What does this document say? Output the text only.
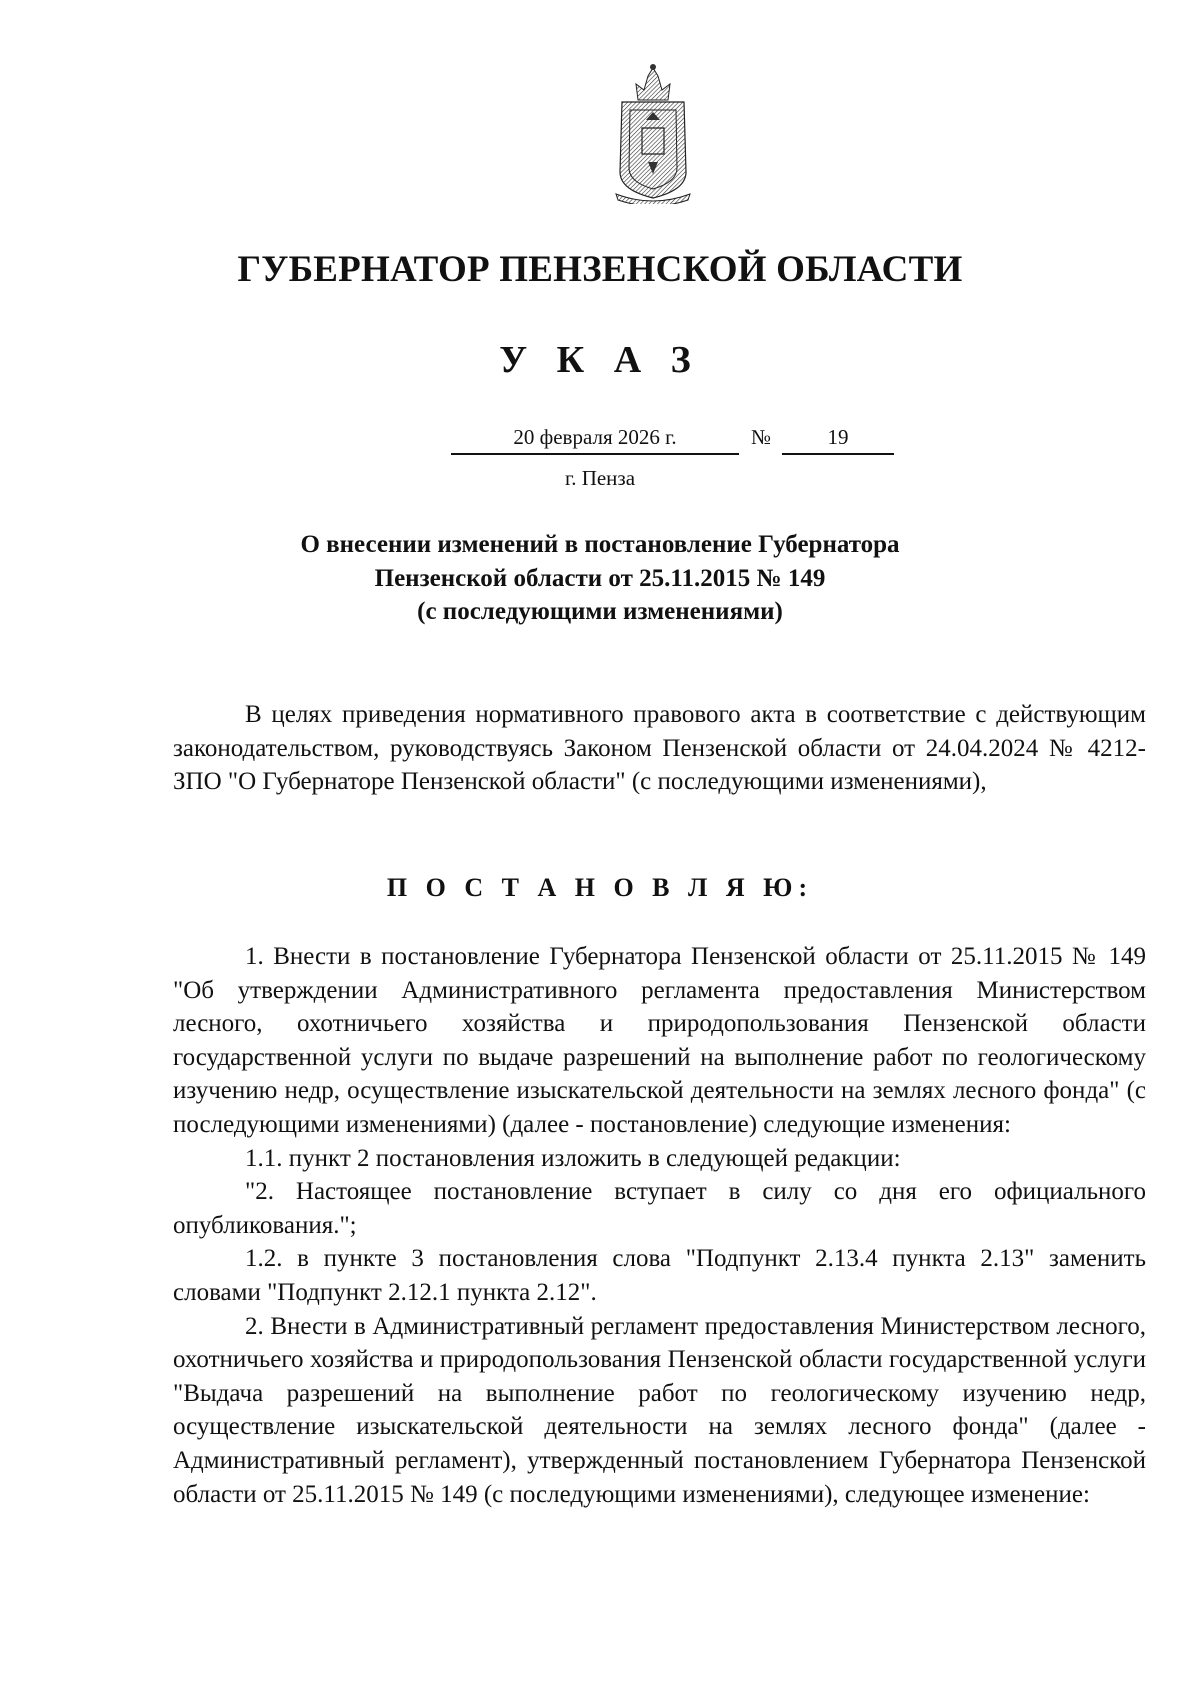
ГУБЕРНАТОР ПЕНЗЕНСКОЙ ОБЛАСТИ
У К А З
20 февраля 2026 г.	№	19
г. Пенза
О внесении изменений в постановление Губернатора
Пензенской области от 25.11.2015 № 149
(с последующими изменениями)

В целях приведения нормативного правового акта в соответствие с действующим законодательством, руководствуясь Законом Пензенской области от 24.04.2024 № 4212-ЗПО "О Губернаторе Пензенской области" (с последующими изменениями),

П О С Т А Н О В Л Я Ю:

1. Внести в постановление Губернатора Пензенской области от 25.11.2015 № 149 "Об утверждении Административного регламента предоставления Министерством лесного, охотничьего хозяйства и природопользования Пензенской области государственной услуги по выдаче разрешений на выполнение работ по геологическому изучению недр, осуществление изыскательской деятельности на землях лесного фонда" (с последующими изменениями) (далее - постановление) следующие изменения:

1.1. пункт 2 постановления изложить в следующей редакции:

"2. Настоящее постановление вступает в силу со дня его официального опубликования.";

1.2. в пункте 3 постановления слова "Подпункт 2.13.4 пункта 2.13" заменить словами "Подпункт 2.12.1 пункта 2.12".

2. Внести в Административный регламент предоставления Министерством лесного, охотничьего хозяйства и природопользования Пензенской области государственной услуги "Выдача разрешений на выполнение работ по геологическому изучению недр, осуществление изыскательской деятельности на землях лесного фонда" (далее - Административный регламент), утвержденный постановлением Губернатора Пензенской области от 25.11.2015 № 149 (с последующими изменениями), следующее изменение:
